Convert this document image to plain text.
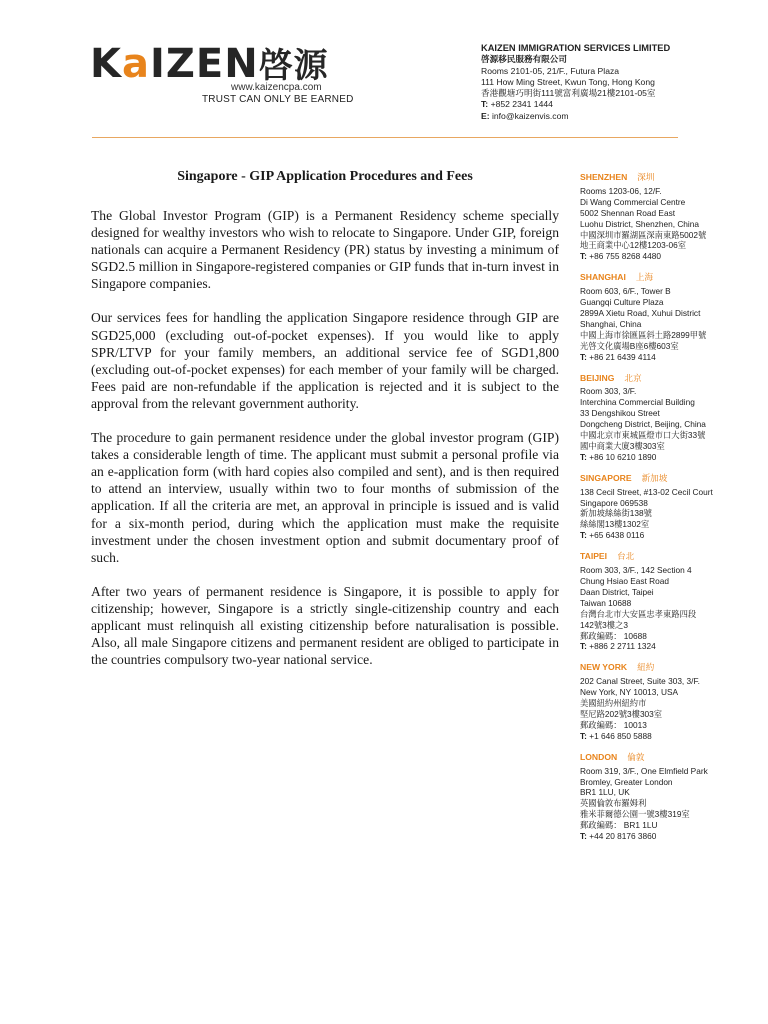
KaIZEN啓源
www.kaizencpa.com
TRUST CAN ONLY BE EARNED
KAIZEN IMMIGRATION SERVICES LIMITED
啓源移民服務有限公司
Rooms 2101-05, 21/F., Futura Plaza
111 How Ming Street, Kwun Tong, Hong Kong
香港觀塘巧明街111號富利廣場21樓2101-05室
T: +852 2341 1444
E: info@kaizenvis.com
Singapore - GIP Application Procedures and Fees

The Global Investor Program (GIP) is a Permanent Residency scheme specially designed for wealthy investors who wish to relocate to Singapore. Under GIP, foreign nationals can acquire a Permanent Residency (PR) status by investing a minimum of SGD2.5 million in Singapore-registered companies or GIP funds that in-turn invest in Singapore companies.

Our services fees for handling the application Singapore residence through GIP are SGD25,000 (excluding out-of-pocket expenses). If you would like to apply SPR/LTVP for your family members, an additional service fee of SGD1,800 (excluding out-of-pocket expenses) for each member of your family will be charged. Fees paid are non-refundable if the application is rejected and it is subject to the approval from the relevant government authority.

The procedure to gain permanent residence under the global investor program (GIP) takes a considerable length of time. The applicant must submit a personal profile via an e-application form (with hard copies also compiled and sent), and is then required to attend an interview, usually within two to four months of submission of the application. If all the criteria are met, an approval in principle is issued and is valid for a six-month period, during which the application must make the requisite investment under the chosen investment option and submit documentary proof of such.

After two years of permanent residence is Singapore, it is possible to apply for citizenship; however, Singapore is a strictly single-citizenship country and each applicant must relinquish all existing citizenship before naturalisation is possible. Also, all male Singapore citizens and permanent resident are obliged to participate in the countries compulsory two-year national service.

SHENZHEN 深圳
Rooms 1203-06, 12/F.
Di Wang Commercial Centre
5002 Shennan Road East
Luohu District, Shenzhen, China
中國深圳市羅湖區深南東路5002號
地王商業中心12樓1203-06室
T: +86 755 8268 4480
SHANGHAI 上海
Room 603, 6/F., Tower B
Guangqi Culture Plaza
2899A Xietu Road, Xuhui District
Shanghai, China
中國上海市徐匯區斜土路2899甲號
光啓文化廣場B座6樓603室
T: +86 21 6439 4114
BEIJING 北京
Room 303, 3/F.
Interchina Commercial Building
33 Dengshikou Street
Dongcheng District, Beijing, China
中國北京市東城區燈市口大街33號
國中商業大廈3樓303室
T: +86 10 6210 1890
SINGAPORE 新加坡
138 Cecil Street, #13-02 Cecil Court
Singapore 069538
新加坡絲絲街138號
絲絲閣13樓1302室
T: +65 6438 0116
TAIPEI 台北
Room 303, 3/F., 142 Section 4
Chung Hsiao East Road
Daan District, Taipei
Taiwan 10688
台灣台北市大安區忠孝東路四段
142號3樓之3
郵政編碼： 10688
T: +886 2 2711 1324
NEW YORK 紐約
202 Canal Street, Suite 303, 3/F.
New York, NY 10013, USA
美國紐約州紐約市
堅尼路202號3樓303室
郵政編碼： 10013
T: +1 646 850 5888
LONDON 倫敦
Room 319, 3/F., One Elmfield Park
Bromley, Greater London
BR1 1LU, UK
英國倫敦布羅姆利
雅米菲爾德公園一號3樓319室
郵政編碼： BR1 1LU
T: +44 20 8176 3860
